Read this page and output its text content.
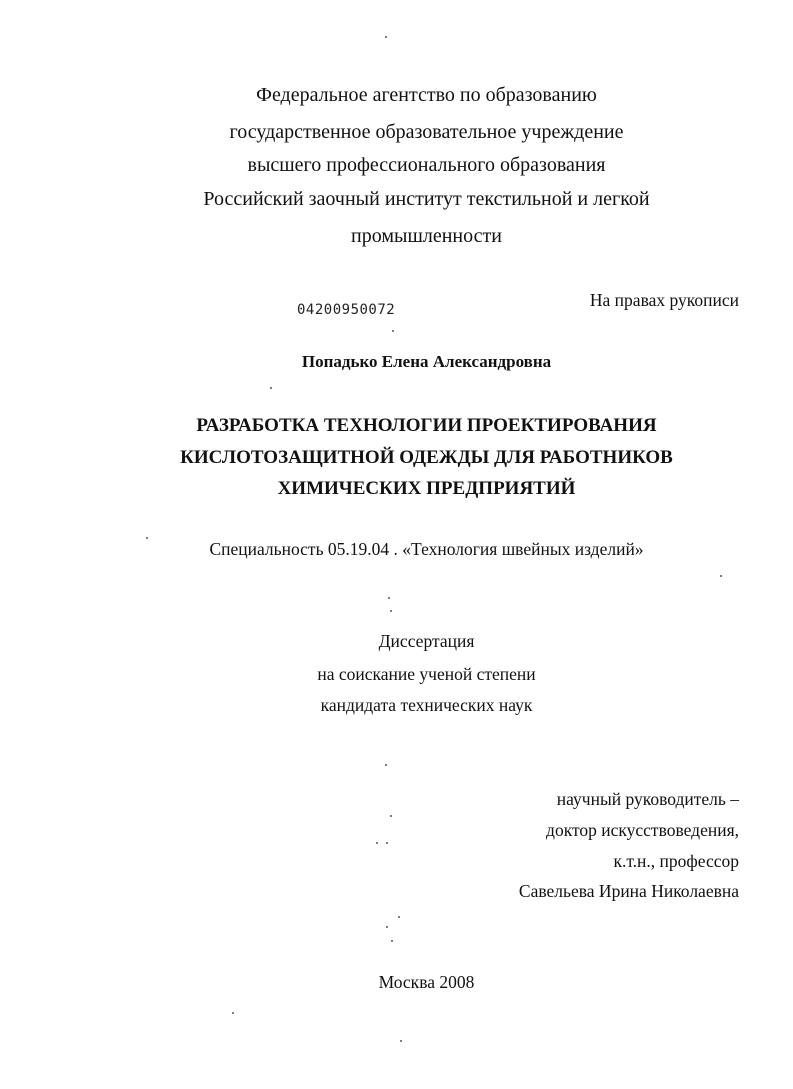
Федеральное агентство по образованию
государственное образовательное учреждение
высшего профессионального образования
Российский заочный институт текстильной и легкой
промышленности
04200950072	На правах рукописи
Попадько Елена Александровна
РАЗРАБОТКА ТЕХНОЛОГИИ ПРОЕКТИРОВАНИЯ
КИСЛОТОЗАЩИТНОЙ ОДЕЖДЫ ДЛЯ РАБОТНИКОВ
ХИМИЧЕСКИХ ПРЕДПРИЯТИЙ
Специальность 05.19.04 . «Технология швейных изделий»
Диссертация
на соискание ученой степени
кандидата технических наук
научный руководитель –
доктор искусствоведения,
к.т.н., профессор
Савельева Ирина Николаевна
Москва 2008
